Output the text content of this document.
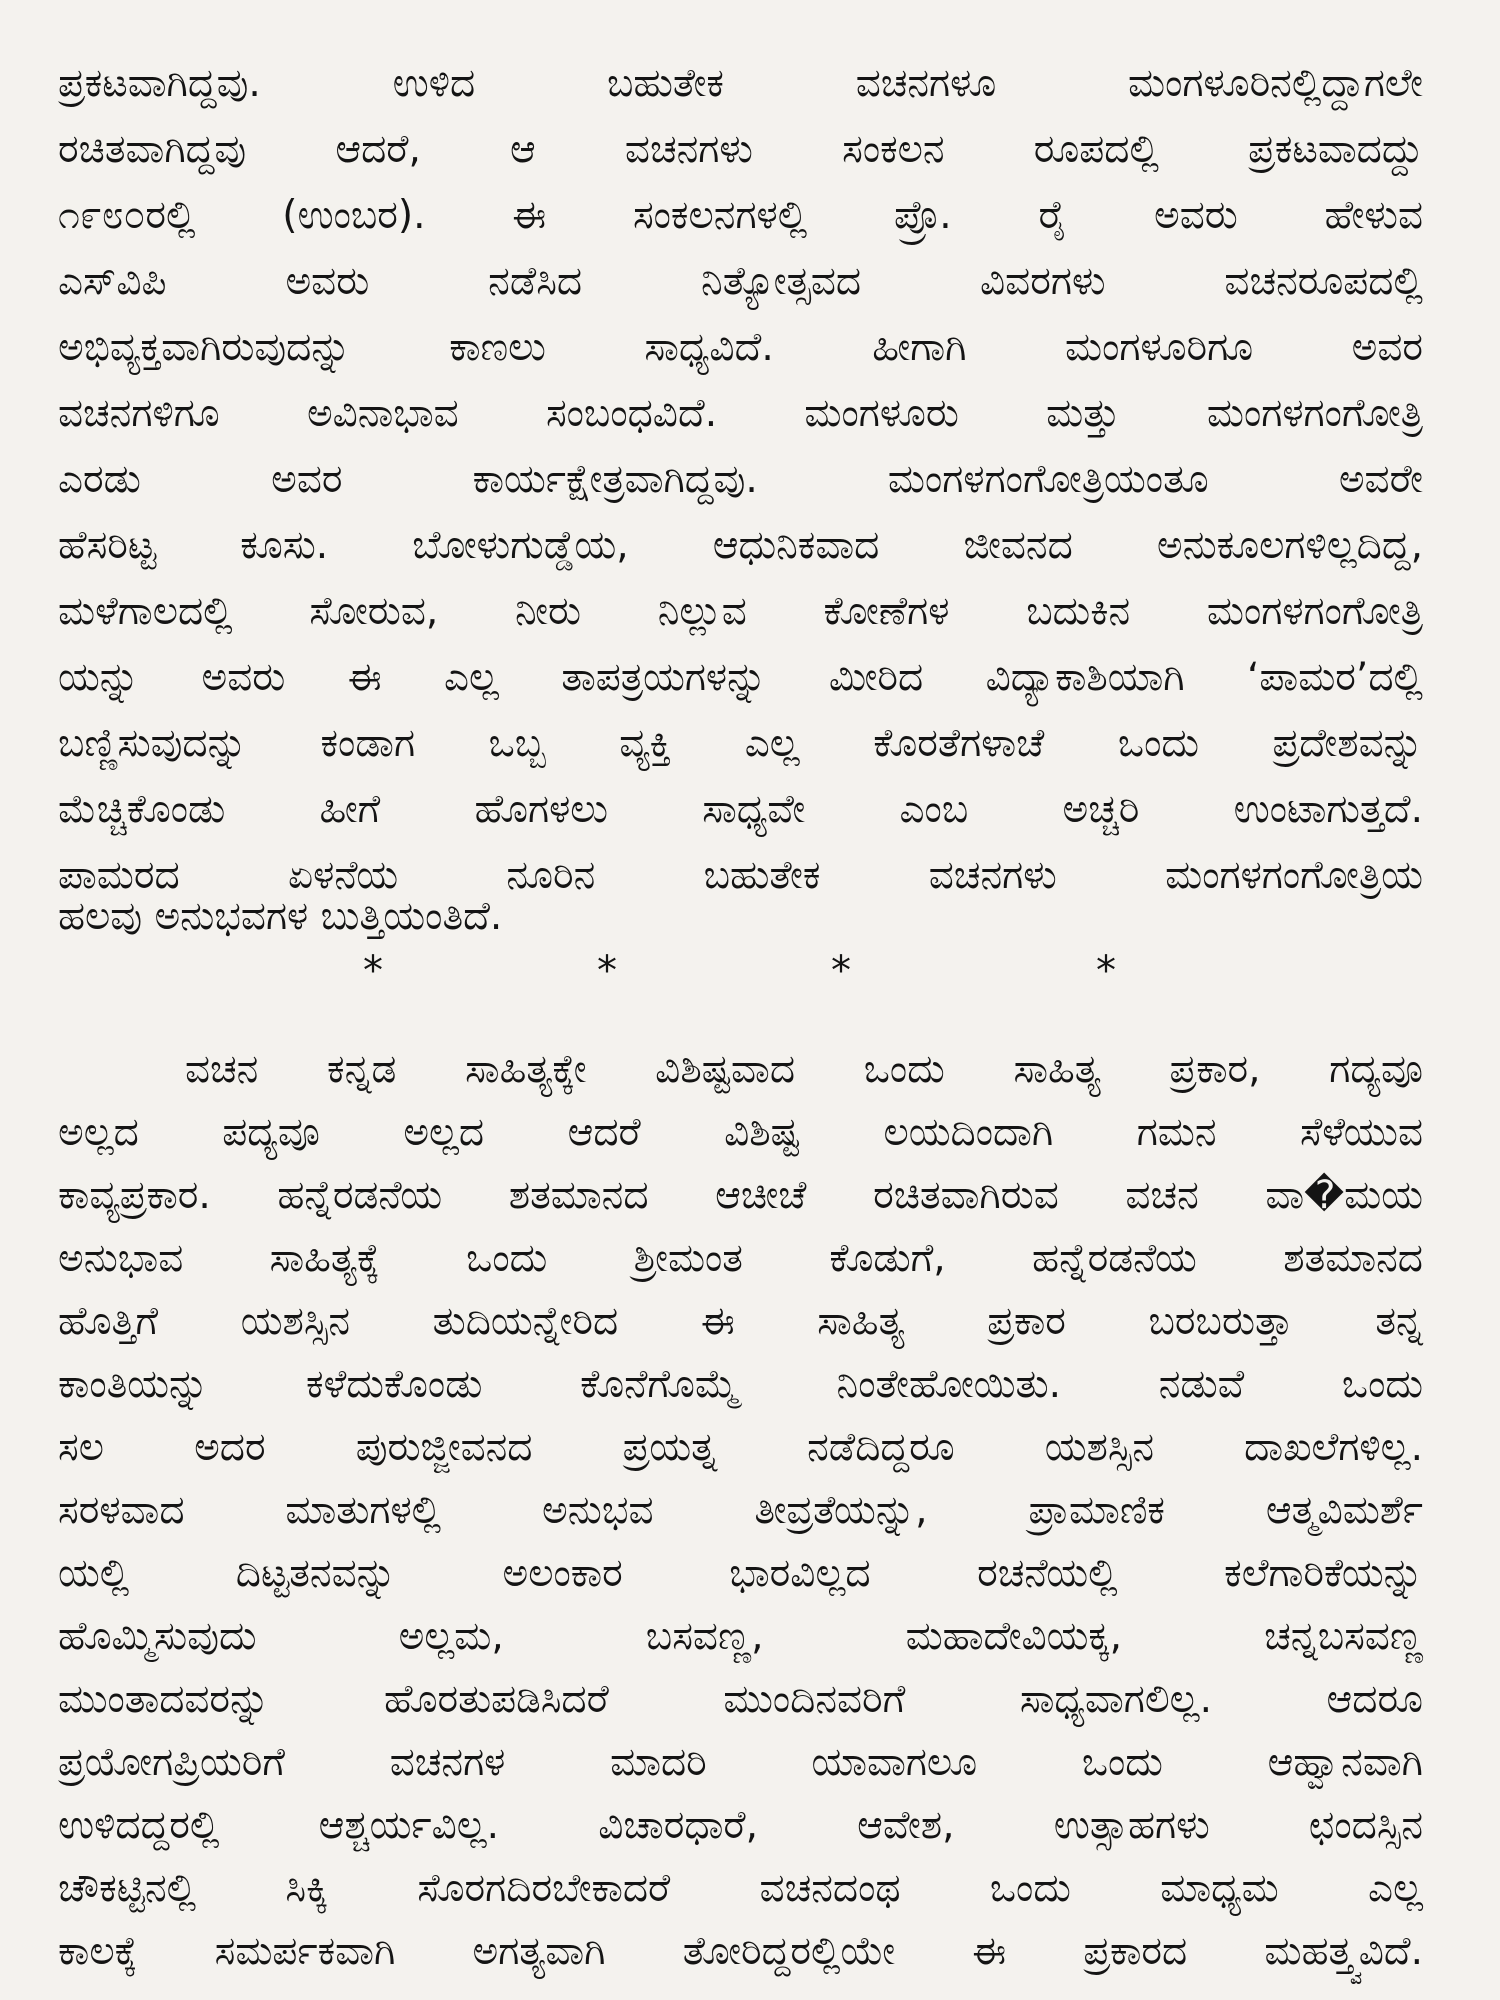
ಪ್ರಕಟವಾಗಿದ್ದವು. ಉಳಿದ ಬಹುತೇಕ ವಚನಗಳೂ ಮಂಗಳೂರಿನಲ್ಲಿದ್ದಾಗಲೇ
ರಚಿತವಾಗಿದ್ದವು ಆದರೆ, ಆ ವಚನಗಳು ಸಂಕಲನ ರೂಪದಲ್ಲಿ ಪ್ರಕಟವಾದದ್ದು
೧೯೮೦ರಲ್ಲಿ (ಉಂಬರ). ಈ ಸಂಕಲನಗಳಲ್ಲಿ ಪ್ರೊ. ರೈ ಅವರು ಹೇಳುವ
ಎಸ್‌ವಿಪಿ ಅವರು ನಡೆಸಿದ ನಿತ್ಯೋತ್ಸವದ ವಿವರಗಳು ವಚನರೂಪದಲ್ಲಿ
ಅಭಿವ್ಯಕ್ತವಾಗಿರುವುದನ್ನು ಕಾಣಲು ಸಾಧ್ಯವಿದೆ. ಹೀಗಾಗಿ ಮಂಗಳೂರಿಗೂ ಅವರ
ವಚನಗಳಿಗೂ ಅವಿನಾಭಾವ ಸಂಬಂಧವಿದೆ. ಮಂಗಳೂರು ಮತ್ತು ಮಂಗಳಗಂಗೋತ್ರಿ
ಎರಡು ಅವರ ಕಾರ್ಯಕ್ಷೇತ್ರವಾಗಿದ್ದವು. ಮಂಗಳಗಂಗೋತ್ರಿಯಂತೂ ಅವರೇ
ಹೆಸರಿಟ್ಟ ಕೂಸು. ಬೋಳುಗುಡ್ಡೆಯ, ಆಧುನಿಕವಾದ ಜೀವನದ ಅನುಕೂಲಗಳಿಲ್ಲದಿದ್ದ,
ಮಳೆಗಾಲದಲ್ಲಿ ಸೋರುವ, ನೀರು ನಿಲ್ಲುವ ಕೋಣೆಗಳ ಬದುಕಿನ ಮಂಗಳಗಂಗೋತ್ರಿ
ಯನ್ನು ಅವರು ಈ ಎಲ್ಲ ತಾಪತ್ರಯಗಳನ್ನು ಮೀರಿದ ವಿದ್ಯಾಕಾಶಿಯಾಗಿ ‘ಪಾಮರ’ದಲ್ಲಿ
ಬಣ್ಣಿಸುವುದನ್ನು ಕಂಡಾಗ ಒಬ್ಬ ವ್ಯಕ್ತಿ ಎಲ್ಲ ಕೊರತೆಗಳಾಚೆ ಒಂದು ಪ್ರದೇಶವನ್ನು
ಮೆಚ್ಚಿಕೊಂಡು ಹೀಗೆ ಹೊಗಳಲು ಸಾಧ್ಯವೇ ಎಂಬ ಅಚ್ಚರಿ ಉಂಟಾಗುತ್ತದೆ.
ಪಾಮರದ ಏಳನೆಯ ನೂರಿನ ಬಹುತೇಕ ವಚನಗಳು ಮಂಗಳಗಂಗೋತ್ರಿಯ
ಹಲವು ಅನುಭವಗಳ ಬುತ್ತಿಯಂತಿದೆ.
*	*	*	*
ವಚನ ಕನ್ನಡ ಸಾಹಿತ್ಯಕ್ಕೇ ವಿಶಿಷ್ಟವಾದ ಒಂದು ಸಾಹಿತ್ಯ ಪ್ರಕಾರ, ಗದ್ಯವೂ
ಅಲ್ಲದ ಪದ್ಯವೂ ಅಲ್ಲದ ಆದರೆ ವಿಶಿಷ್ಟ ಲಯದಿಂದಾಗಿ ಗಮನ ಸೆಳೆಯುವ
ಕಾವ್ಯಪ್ರಕಾರ. ಹನ್ನೆರಡನೆಯ ಶತಮಾನದ ಆಚೀಚೆ ರಚಿತವಾಗಿರುವ ವಚನ ವಾ�ಮಯ
ಅನುಭಾವ ಸಾಹಿತ್ಯಕ್ಕೆ ಒಂದು ಶ್ರೀಮಂತ ಕೊಡುಗೆ, ಹನ್ನೆರಡನೆಯ ಶತಮಾನದ
ಹೊತ್ತಿಗೆ ಯಶಸ್ಸಿನ ತುದಿಯನ್ನೇರಿದ ಈ ಸಾಹಿತ್ಯ ಪ್ರಕಾರ ಬರಬರುತ್ತಾ ತನ್ನ
ಕಾಂತಿಯನ್ನು ಕಳೆದುಕೊಂಡು ಕೊನೆಗೊಮ್ಮೆ ನಿಂತೇಹೋಯಿತು. ನಡುವೆ ಒಂದು
ಸಲ ಅದರ ಪುರುಜ್ಜೀವನದ ಪ್ರಯತ್ನ ನಡೆದಿದ್ದರೂ ಯಶಸ್ಸಿನ ದಾಖಲೆಗಳಿಲ್ಲ.
ಸರಳವಾದ ಮಾತುಗಳಲ್ಲಿ ಅನುಭವ ತೀವ್ರತೆಯನ್ನು, ಪ್ರಾಮಾಣಿಕ ಆತ್ಮವಿಮರ್ಶೆ
ಯಲ್ಲಿ ದಿಟ್ಟತನವನ್ನು ಅಲಂಕಾರ ಭಾರವಿಲ್ಲದ ರಚನೆಯಲ್ಲಿ ಕಲೆಗಾರಿಕೆಯನ್ನು
ಹೊಮ್ಮಿಸುವುದು ಅಲ್ಲಮ, ಬಸವಣ್ಣ, ಮಹಾದೇವಿಯಕ್ಕ, ಚನ್ನಬಸವಣ್ಣ
ಮುಂತಾದವರನ್ನು ಹೊರತುಪಡಿಸಿದರೆ ಮುಂದಿನವರಿಗೆ ಸಾಧ್ಯವಾಗಲಿಲ್ಲ. ಆದರೂ
ಪ್ರಯೋಗಪ್ರಿಯರಿಗೆ ವಚನಗಳ ಮಾದರಿ ಯಾವಾಗಲೂ ಒಂದು ಆಹ್ವಾನವಾಗಿ
ಉಳಿದದ್ದರಲ್ಲಿ ಆಶ್ಚರ್ಯವಿಲ್ಲ. ವಿಚಾರಧಾರೆ, ಆವೇಶ, ಉತ್ಸಾಹಗಳು ಛಂದಸ್ಸಿನ
ಚೌಕಟ್ಟಿನಲ್ಲಿ ಸಿಕ್ಕಿ ಸೊರಗದಿರಬೇಕಾದರೆ ವಚನದಂಥ ಒಂದು ಮಾಧ್ಯಮ ಎಲ್ಲ
ಕಾಲಕ್ಕೆ ಸಮರ್ಪಕವಾಗಿ ಅಗತ್ಯವಾಗಿ ತೋರಿದ್ದರಲ್ಲಿಯೇ ಈ ಪ್ರಕಾರದ ಮಹತ್ತ್ವವಿದೆ.
